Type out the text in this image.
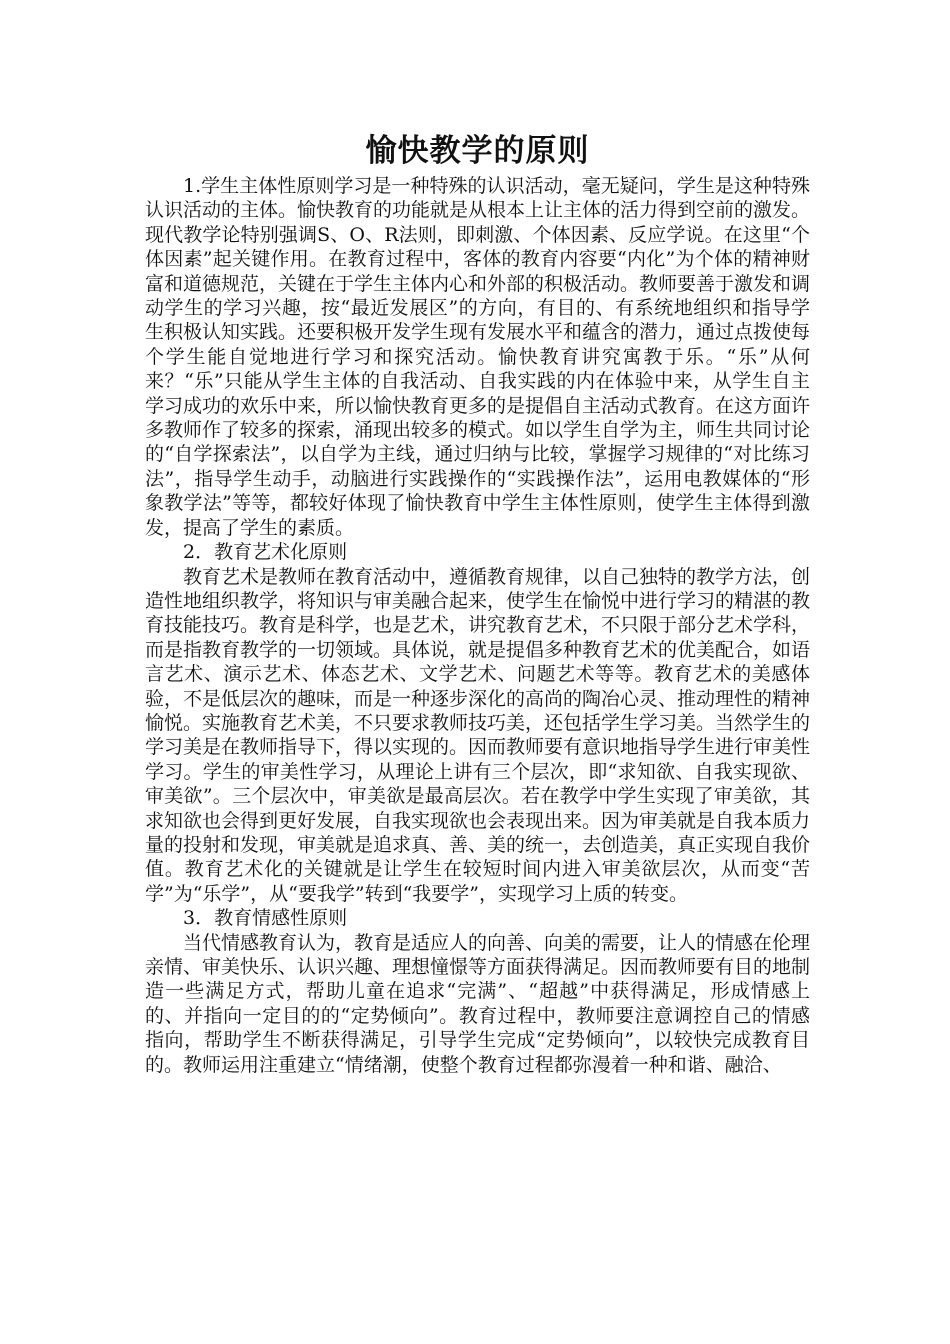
愉快教学的原则

1.学生主体性原则学习是一种特殊的认识活动，毫无疑问，学生是这种特殊认识活动的主体。愉快教育的功能就是从根本上让主体的活力得到空前的激发。现代教学论特别强调S、O、R法则，即刺激、个体因素、反应学说。在这里“个体因素”起关键作用。在教育过程中，客体的教育内容要“内化”为个体的精神财富和道德规范，关键在于学生主体内心和外部的积极活动。教师要善于激发和调动学生的学习兴趣，按“最近发展区”的方向，有目的、有系统地组织和指导学生积极认知实践。还要积极开发学生现有发展水平和蕴含的潜力，通过点拨使每个学生能自觉地进行学习和探究活动。愉快教育讲究寓教于乐。“乐”从何来？“乐”只能从学生主体的自我活动、自我实践的内在体验中来，从学生自主学习成功的欢乐中来，所以愉快教育更多的是提倡自主活动式教育。在这方面许多教师作了较多的探索，涌现出较多的模式。如以学生自学为主，师生共同讨论的“自学探索法”，以自学为主线，通过归纳与比较，掌握学习规律的“对比练习法”，指导学生动手，动脑进行实践操作的“实践操作法”，运用电教媒体的“形象教学法”等等，都较好体现了愉快教育中学生主体性原则，使学生主体得到激发，提高了学生的素质。

2．教育艺术化原则

教育艺术是教师在教育活动中，遵循教育规律，以自己独特的教学方法，创造性地组织教学，将知识与审美融合起来，使学生在愉悦中进行学习的精湛的教育技能技巧。教育是科学，也是艺术，讲究教育艺术，不只限于部分艺术学科，而是指教育教学的一切领域。具体说，就是提倡多种教育艺术的优美配合，如语言艺术、演示艺术、体态艺术、文学艺术、问题艺术等等。教育艺术的美感体验，不是低层次的趣味，而是一种逐步深化的高尚的陶冶心灵、推动理性的精神愉悦。实施教育艺术美，不只要求教师技巧美，还包括学生学习美。当然学生的学习美是在教师指导下，得以实现的。因而教师要有意识地指导学生进行审美性学习。学生的审美性学习，从理论上讲有三个层次，即“求知欲、自我实现欲、审美欲”。三个层次中，审美欲是最高层次。若在教学中学生实现了审美欲，其求知欲也会得到更好发展，自我实现欲也会表现出来。因为审美就是自我本质力量的投射和发现，审美就是追求真、善、美的统一，去创造美，真正实现自我价值。教育艺术化的关键就是让学生在较短时间内进入审美欲层次，从而变“苦学”为“乐学”，从“要我学”转到“我要学”，实现学习上质的转变。

3．教育情感性原则

当代情感教育认为，教育是适应人的向善、向美的需要，让人的情感在伦理亲情、审美快乐、认识兴趣、理想憧憬等方面获得满足。因而教师要有目的地制造一些满足方式，帮助儿童在追求“完满”、“超越”中获得满足，形成情感上的、并指向一定目的的“定势倾向”。教育过程中，教师要注意调控自己的情感指向，帮助学生不断获得满足，引导学生完成“定势倾向”，以较快完成教育目的。教师运用注重建立“情绪潮，使整个教育过程都弥漫着一种和谐、融洽、
